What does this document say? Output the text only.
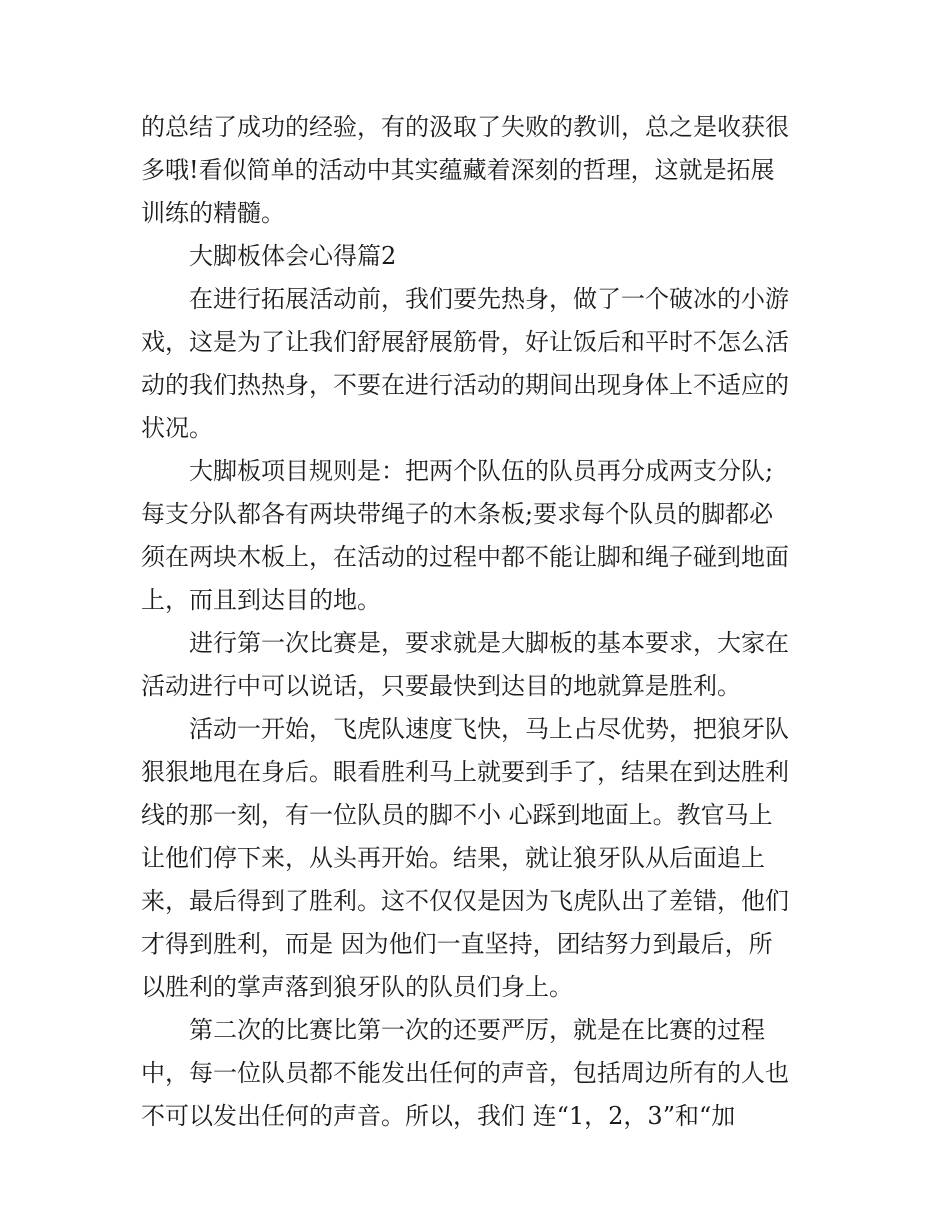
的总结了成功的经验，有的汲取了失败的教训，总之是收获很

多哦!看似简单的活动中其实蕴藏着深刻的哲理，这就是拓展

训练的精髓。

大脚板体会心得篇2

在进行拓展活动前，我们要先热身，做了一个破冰的小游

戏，这是为了让我们舒展舒展筋骨，好让饭后和平时不怎么活

动的我们热热身，不要在进行活动的期间出现身体上不适应的

状况。

大脚板项目规则是：把两个队伍的队员再分成两支分队;

每支分队都各有两块带绳子的木条板;要求每个队员的脚都必

须在两块木板上，在活动的过程中都不能让脚和绳子碰到地面

上，而且到达目的地。

进行第一次比赛是，要求就是大脚板的基本要求，大家在

活动进行中可以说话，只要最快到达目的地就算是胜利。

活动一开始，飞虎队速度飞快，马上占尽优势，把狼牙队

狠狠地甩在身后。眼看胜利马上就要到手了，结果在到达胜利

线的那一刻，有一位队员的脚不小 心踩到地面上。教官马上

让他们停下来，从头再开始。结果，就让狼牙队从后面追上

来，最后得到了胜利。这不仅仅是因为飞虎队出了差错，他们

才得到胜利，而是 因为他们一直坚持，团结努力到最后，所

以胜利的掌声落到狼牙队的队员们身上。

第二次的比赛比第一次的还要严厉，就是在比赛的过程

中，每一位队员都不能发出任何的声音，包括周边所有的人也

不可以发出任何的声音。所以，我们 连“1，2，3”和“加
